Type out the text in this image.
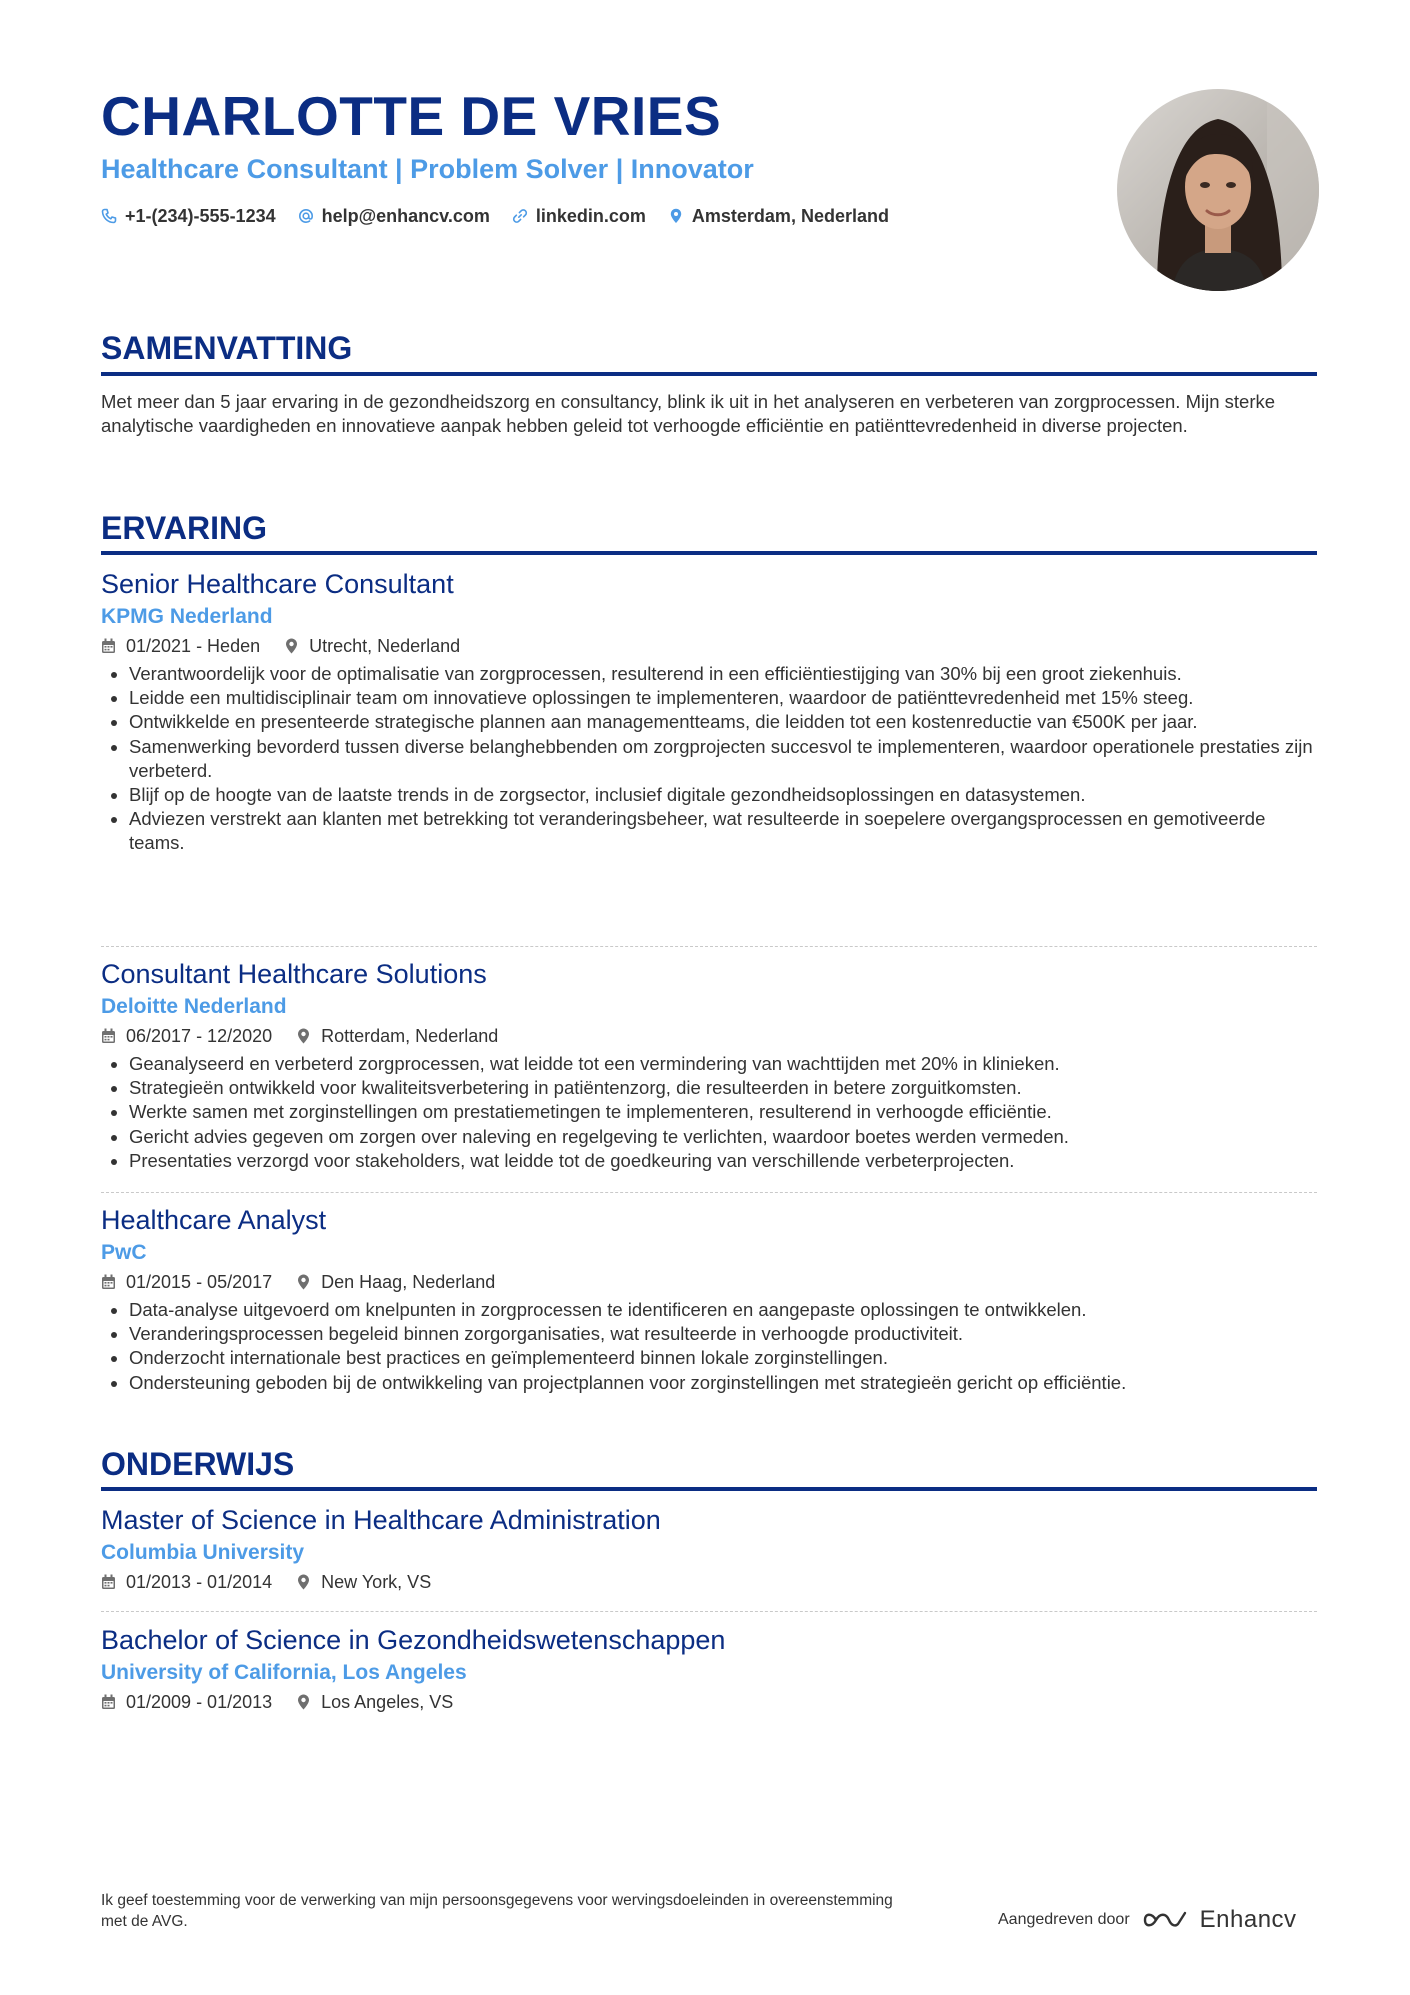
CHARLOTTE DE VRIES
Healthcare Consultant | Problem Solver | Innovator
+1-(234)-555-1234	help@enhancv.com	linkedin.com	Amsterdam, Nederland
SAMENVATTING

Met meer dan 5 jaar ervaring in de gezondheidszorg en consultancy, blink ik uit in het analyseren en verbeteren van zorgprocessen. Mijn sterke analytische vaardigheden en innovatieve aanpak hebben geleid tot verhoogde efficiëntie en patiënttevredenheid in diverse projecten.

ERVARING
Senior Healthcare Consultant
KPMG Nederland
01/2021 - Heden	Utrecht, Nederland
• Verantwoordelijk voor de optimalisatie van zorgprocessen, resulterend in een efficiëntiestijging van 30% bij een groot ziekenhuis.
• Leidde een multidisciplinair team om innovatieve oplossingen te implementeren, waardoor de patiënttevredenheid met 15% steeg.
• Ontwikkelde en presenteerde strategische plannen aan managementteams, die leidden tot een kostenreductie van €500K per jaar.
• Samenwerking bevorderd tussen diverse belanghebbenden om zorgprojecten succesvol te implementeren, waardoor operationele prestaties zijn verbeterd.
• Blijf op de hoogte van de laatste trends in de zorgsector, inclusief digitale gezondheidsoplossingen en datasystemen.
• Adviezen verstrekt aan klanten met betrekking tot veranderingsbeheer, wat resulteerde in soepelere overgangsprocessen en gemotiveerde teams.
Consultant Healthcare Solutions
Deloitte Nederland
06/2017 - 12/2020	Rotterdam, Nederland
• Geanalyseerd en verbeterd zorgprocessen, wat leidde tot een vermindering van wachttijden met 20% in klinieken.
• Strategieën ontwikkeld voor kwaliteitsverbetering in patiëntenzorg, die resulteerden in betere zorguitkomsten.
• Werkte samen met zorginstellingen om prestatiemetingen te implementeren, resulterend in verhoogde efficiëntie.
• Gericht advies gegeven om zorgen over naleving en regelgeving te verlichten, waardoor boetes werden vermeden.
• Presentaties verzorgd voor stakeholders, wat leidde tot de goedkeuring van verschillende verbeterprojecten.
Healthcare Analyst
PwC
01/2015 - 05/2017	Den Haag, Nederland
• Data-analyse uitgevoerd om knelpunten in zorgprocessen te identificeren en aangepaste oplossingen te ontwikkelen.
• Veranderingsprocessen begeleid binnen zorgorganisaties, wat resulteerde in verhoogde productiviteit.
• Onderzocht internationale best practices en geïmplementeerd binnen lokale zorginstellingen.
• Ondersteuning geboden bij de ontwikkeling van projectplannen voor zorginstellingen met strategieën gericht op efficiëntie.
ONDERWIJS
Master of Science in Healthcare Administration
Columbia University
01/2013 - 01/2014	New York, VS
Bachelor of Science in Gezondheidswetenschappen
University of California, Los Angeles
01/2009 - 01/2013	Los Angeles, VS

Ik geef toestemming voor de verwerking van mijn persoonsgegevens voor wervingsdoeleinden in overeenstemming met de AVG.	Aangedreven door	Enhancv
